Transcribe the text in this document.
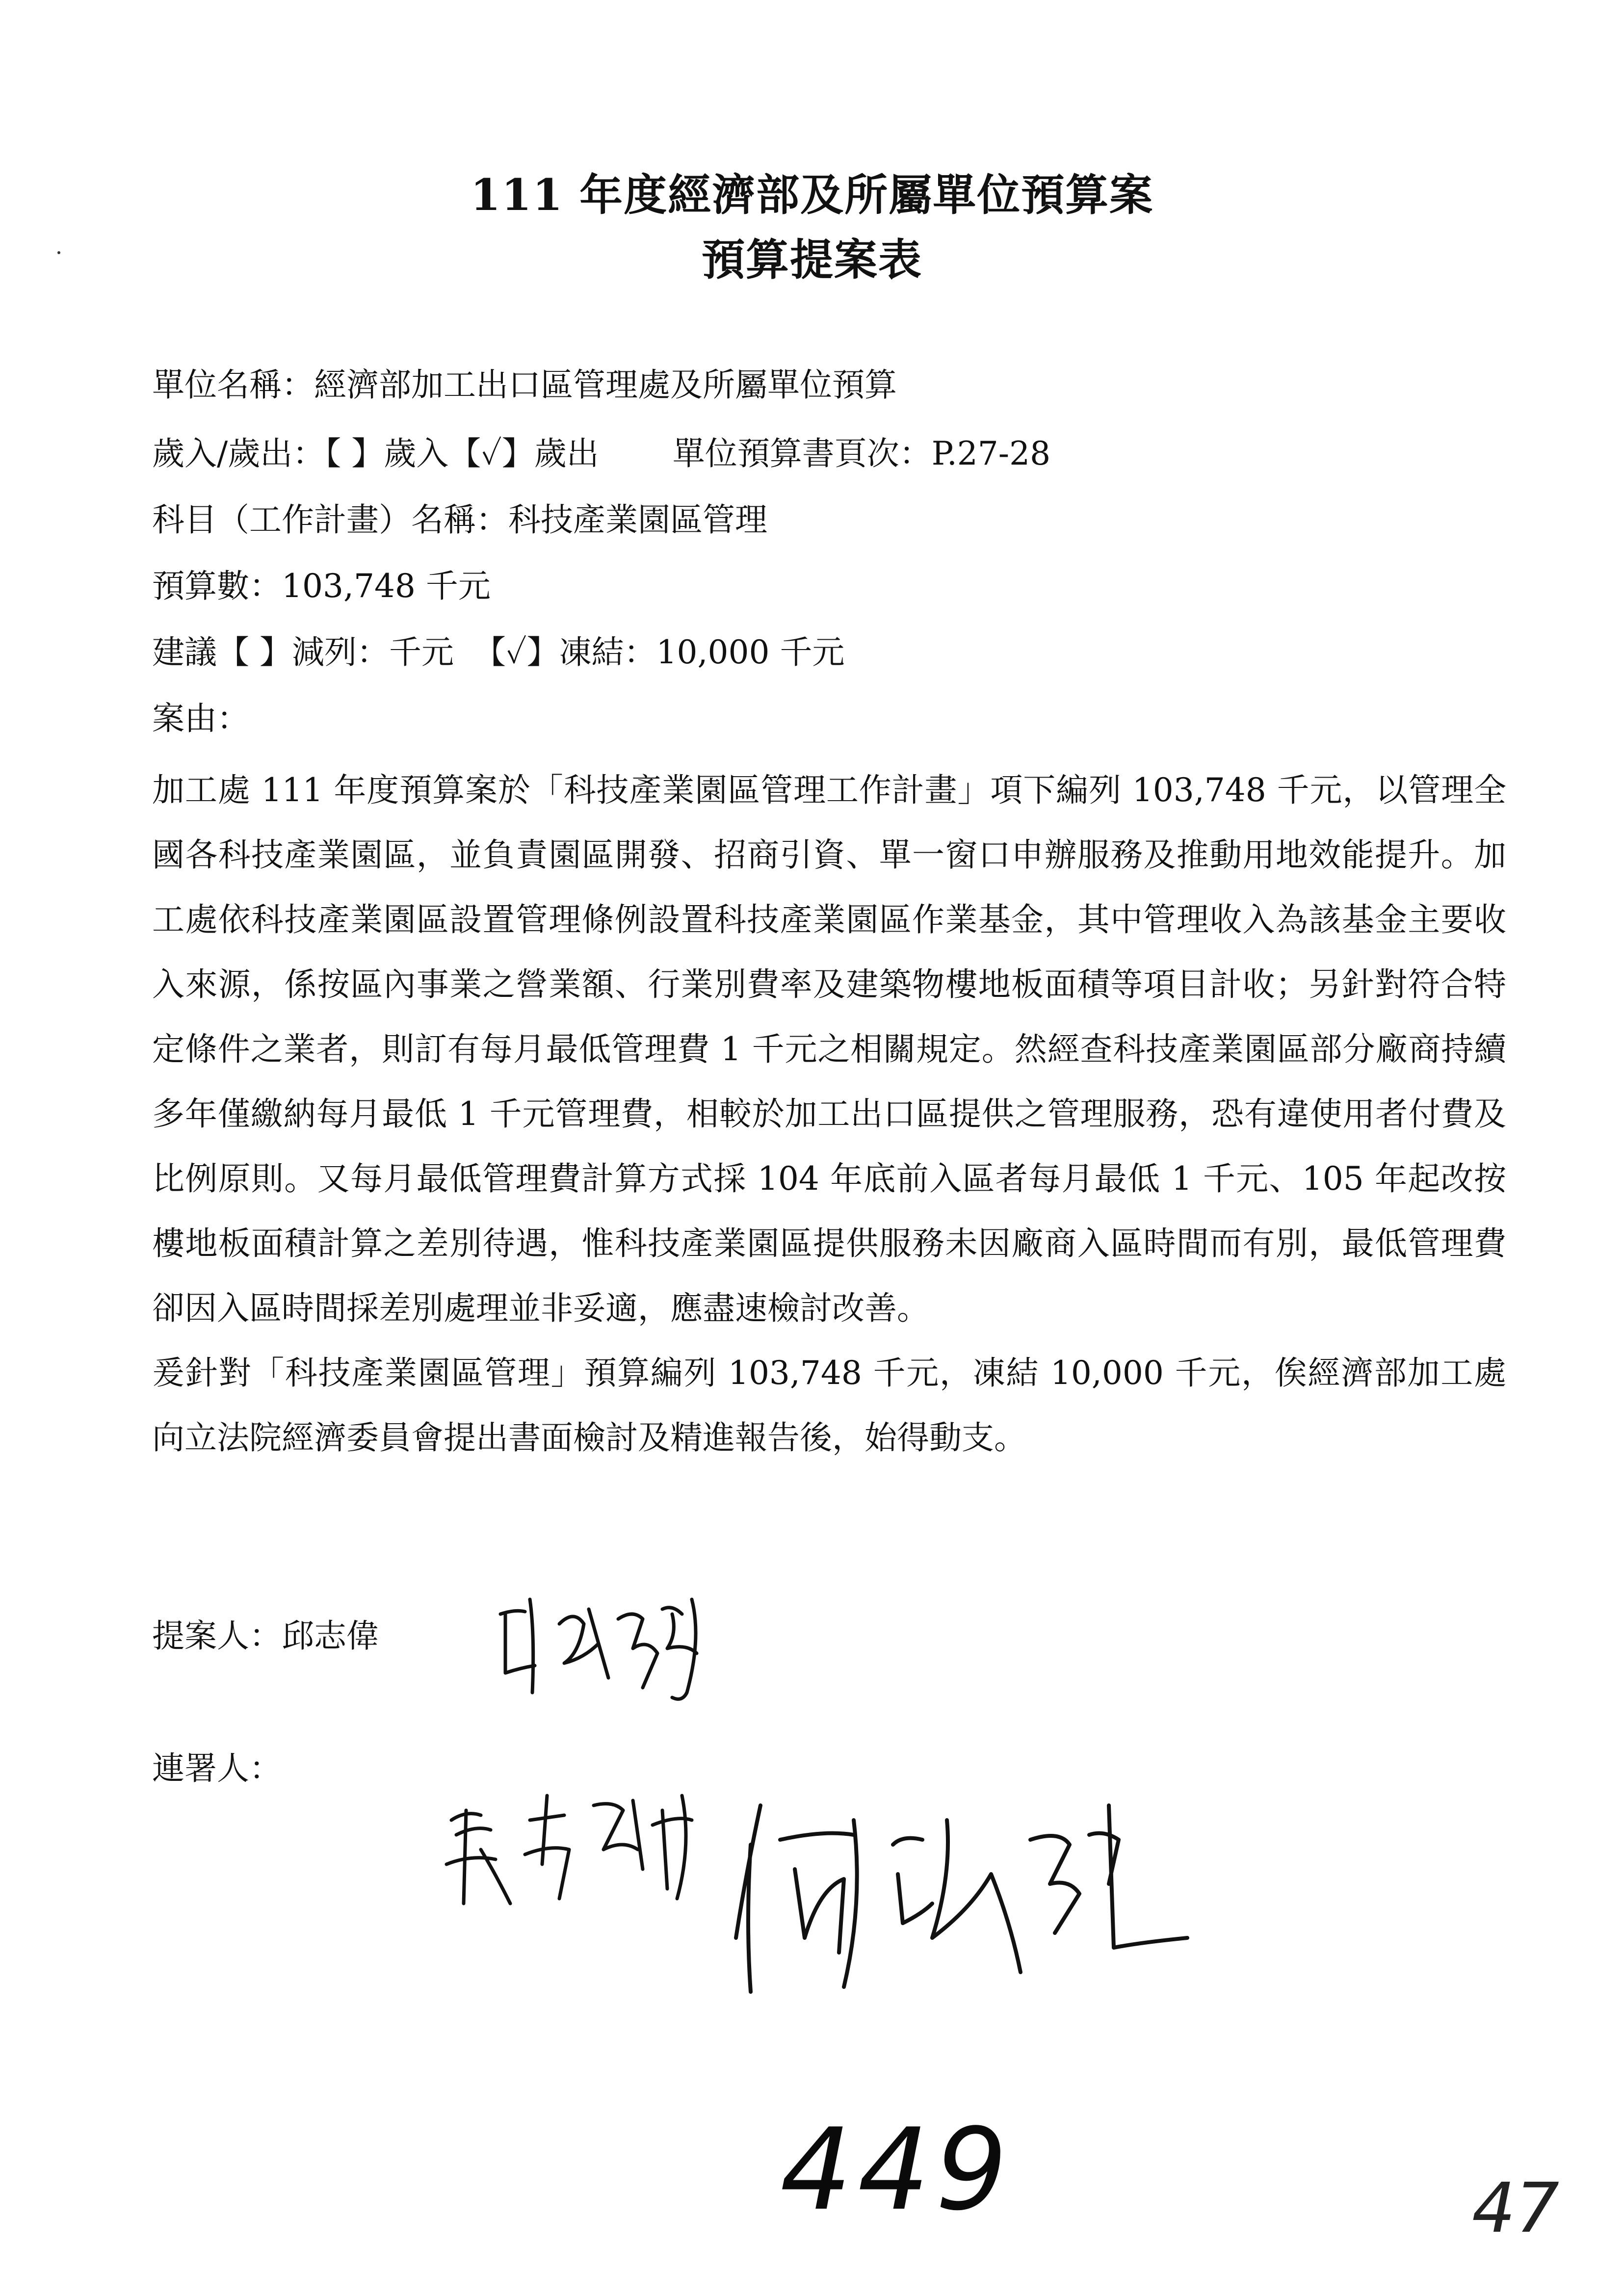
111 年度經濟部及所屬單位預算案
預算提案表
單位名稱：經濟部加工出口區管理處及所屬單位預算
歲入/歲出：【 】歲入【✓】歲出 單位預算書頁次：P.27-28
科目（工作計畫）名稱：科技產業園區管理
預算數：103,748 千元
建議【 】減列：千元 【✓】凍結：10,000 千元
案由：

加工處 111 年度預算案於「科技產業園區管理工作計畫」項下編列 103,748 千元，以管理全國各科技產業園區，並負責園區開發、招商引資、單一窗口申辦服務及推動用地效能提升。加工處依科技產業園區設置管理條例設置科技產業園區作業基金，其中管理收入為該基金主要收入來源，係按區內事業之營業額、行業別費率及建築物樓地板面積等項目計收；另針對符合特定條件之業者，則訂有每月最低管理費 1 千元之相關規定。然經查科技產業園區部分廠商持續多年僅繳納每月最低 1 千元管理費，相較於加工出口區提供之管理服務，恐有違使用者付費及比例原則。又每月最低管理費計算方式採 104 年底前入區者每月最低 1 千元、105 年起改按樓地板面積計算之差別待遇，惟科技產業園區提供服務未因廠商入區時間而有別，最低管理費卻因入區時間採差別處理並非妥適，應盡速檢討改善。

爰針對「科技產業園區管理」預算編列 103,748 千元，凍結 10,000 千元，俟經濟部加工處向立法院經濟委員會提出書面檢討及精進報告後，始得動支。

提案人：邱志偉
連署人：
449	47
